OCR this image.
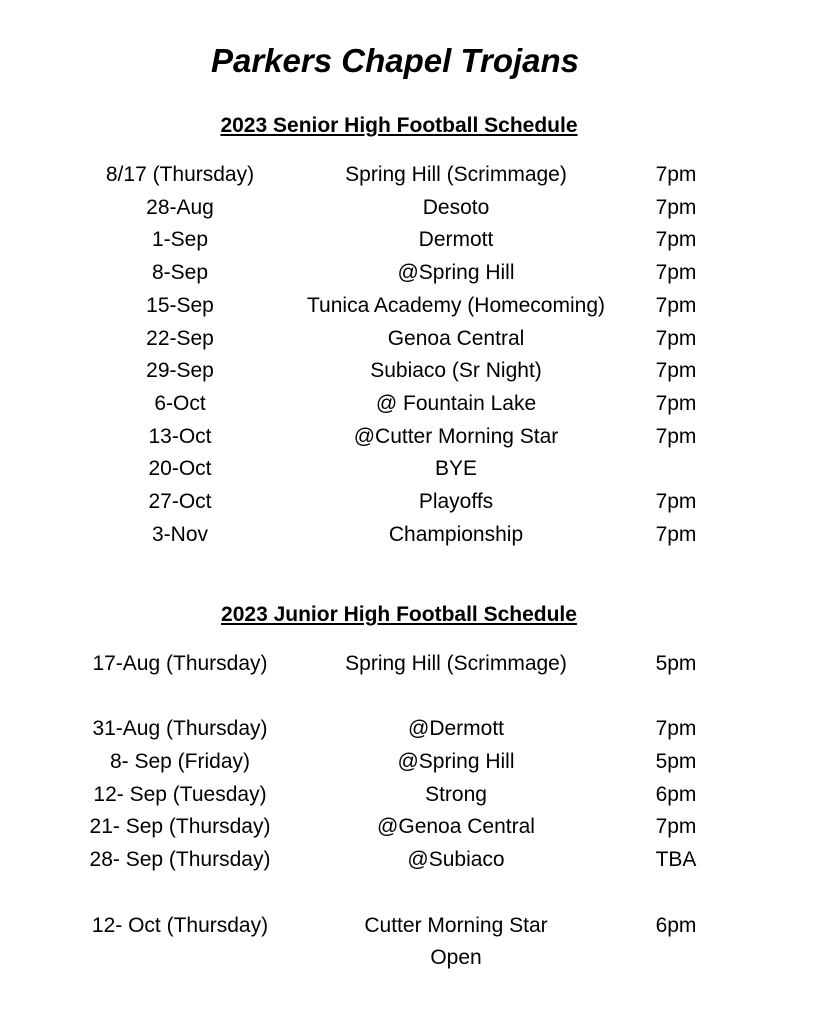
Parkers Chapel Trojans
2023 Senior High Football Schedule
8/17 (Thursday)	Spring Hill (Scrimmage)	7pm
28-Aug	Desoto	7pm
1-Sep	Dermott	7pm
8-Sep	@Spring Hill	7pm
15-Sep	Tunica Academy (Homecoming)	7pm
22-Sep	Genoa Central	7pm
29-Sep	Subiaco (Sr Night)	7pm
6-Oct	@ Fountain Lake	7pm
13-Oct	@Cutter Morning Star	7pm
20-Oct	BYE
27-Oct	Playoffs	7pm
3-Nov	Championship	7pm
2023 Junior High Football Schedule
17-Aug (Thursday)	Spring Hill (Scrimmage)	5pm
31-Aug (Thursday)	@Dermott	7pm
8- Sep (Friday)	@Spring Hill	5pm
12- Sep (Tuesday)	Strong	6pm
21- Sep (Thursday)	@Genoa Central	7pm
28- Sep (Thursday)	@Subiaco	TBA
12- Oct (Thursday)	Cutter Morning Star	6pm
Open
